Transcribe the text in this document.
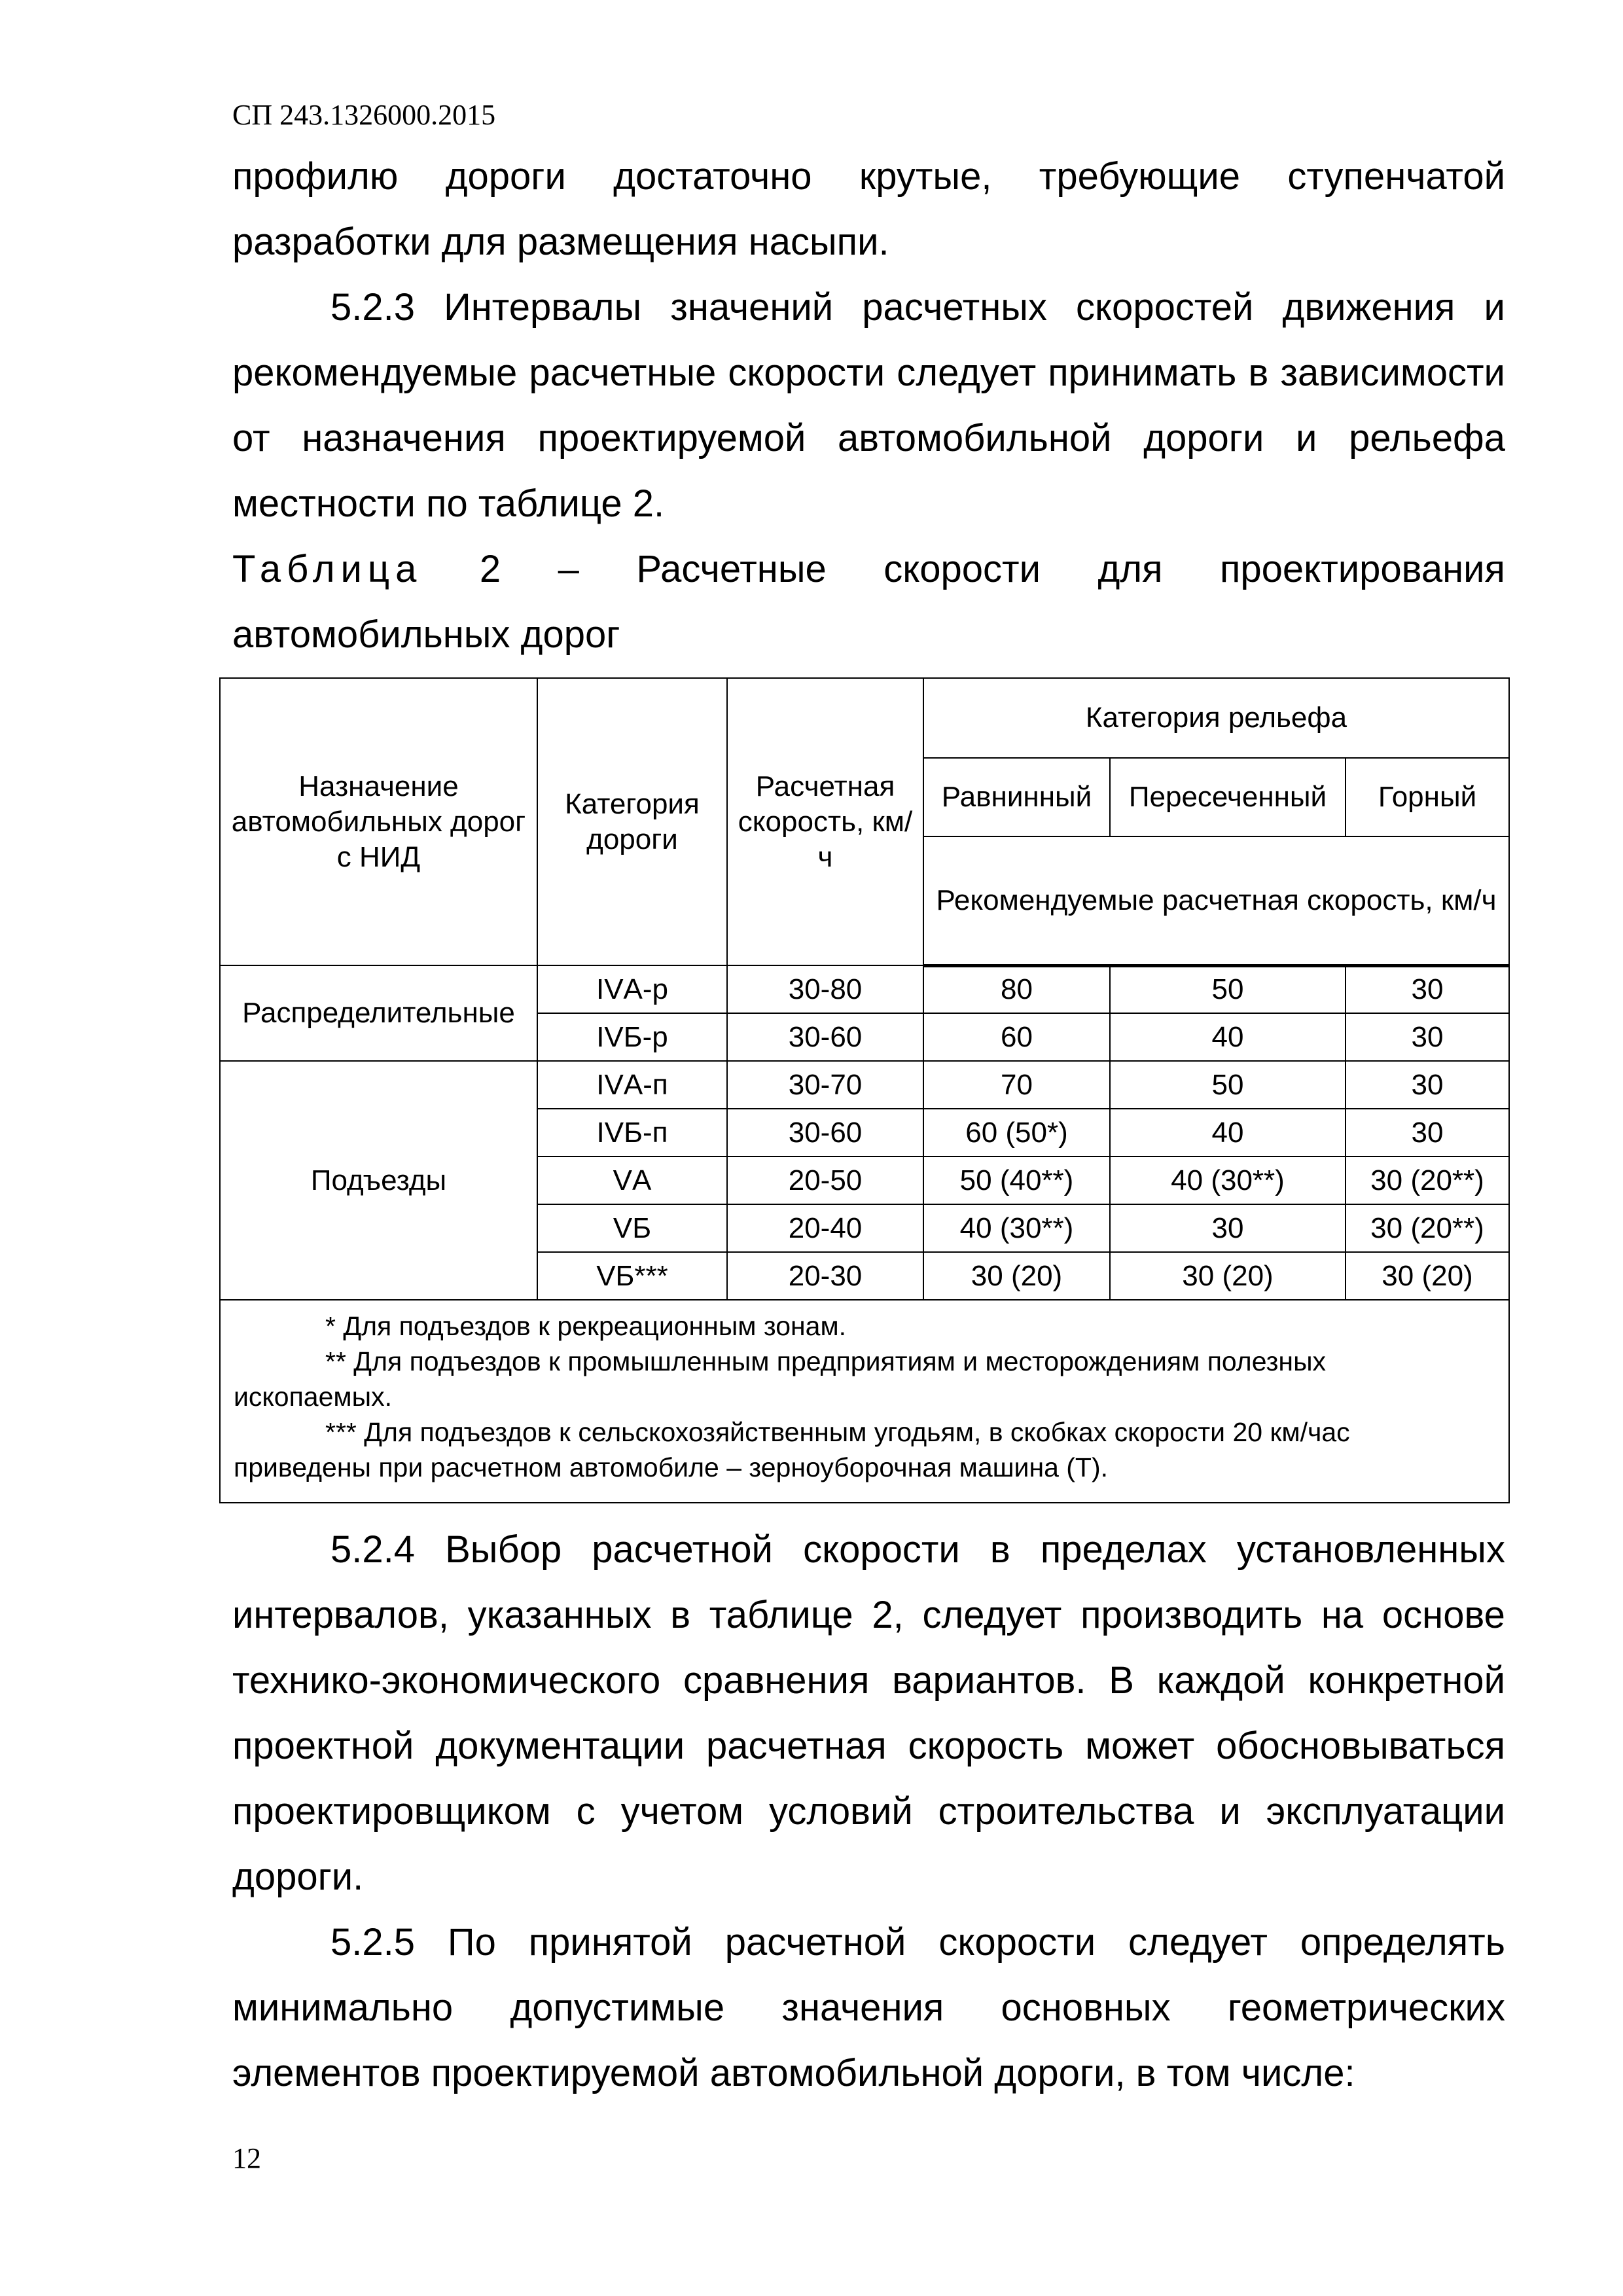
СП 243.1326000.2015
профилю дороги достаточно крутые, требующие ступенчатой
разработки для размещения насыпи.
5.2.3 Интервалы значений расчетных скоростей движения и
рекомендуемые расчетные скорости следует принимать в зависимости
от назначения проектируемой автомобильной дороги и рельефа
местности по таблице 2.
Таблица 2 – Расчетные скорости для проектирования
автомобильных дорог
Назначение автомобильных дорог с НИД	Категория дороги	Расчетная скорость, км/ч	Категория рельефа		
			Равнинный	Пересеченный	Горный
			Рекомендуемые расчетная скорость, км/ч		
Распределительные	IVА-р	30-80	80	50	30
	IVБ-р	30-60	60	40	30
Подъезды	IVА-п	30-70	70	50	30
	IVБ-п	30-60	60 (50*)	40	30
	VА	20-50	50 (40**)	40 (30**)	30 (20**)
	VБ	20-40	40 (30**)	30	30 (20**)
	VБ***	20-30	30 (20)	30 (20)	30 (20)

* Для подъездов к рекреационным зонам.
** Для подъездов к промышленным предприятиям и месторождениям полезных
ископаемых.
*** Для подъездов к сельскохозяйственным угодьям, в скобках скорости 20 км/час
приведены при расчетном автомобиле – зерноуборочная машина (Т).					
5.2.4 Выбор расчетной скорости в пределах установленных
интервалов, указанных в таблице 2, следует производить на основе
технико-экономического сравнения вариантов. В каждой конкретной
проектной документации расчетная скорость может обосновываться
проектировщиком с учетом условий строительства и эксплуатации
дороги.
5.2.5 По принятой расчетной скорости следует определять
минимально допустимые значения основных геометрических
элементов проектируемой автомобильной дороги, в том числе:
12
